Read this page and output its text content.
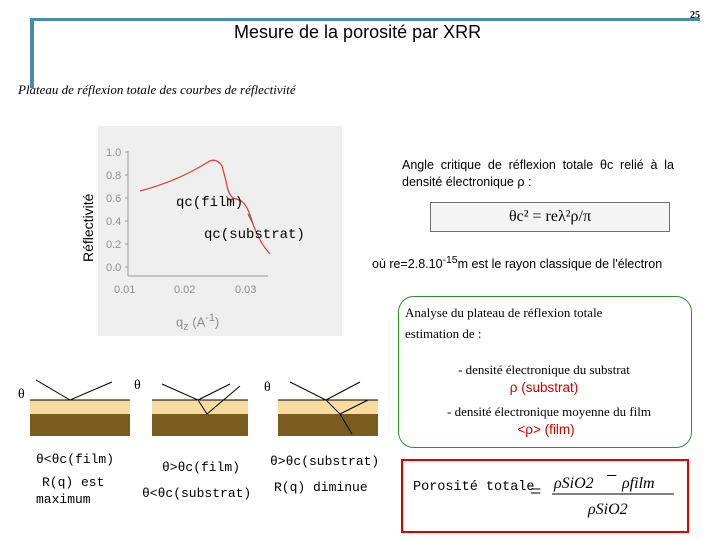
Mesure de la porosité par XRR
25
Plateau de réflexion totale des courbes de réflectivité
1.0
0.8
0.6
0.4
0.2
0.0
0.01	0.02	0.03
Réflectivité
$q_z$ $(A^{-1})$
qc(film)
qc(substrat)
Angle critique de réflexion totale θc relié à la densité électronique ρ :
θc² = reλ²ρ/π
où $re=2.8.10^{-15}m$ est le rayon classique de l'électron
Analyse du plateau de réflexion totale
estimation de :
- densité électronique du substrat
ρ (substrat)
- densité électronique moyenne du film
<ρ> (film)
θ
θ	θ
θ<θc(film)
R(q) est
maximum
θ>θc(film)
θ<θc(substrat)
θ>θc(substrat)
R(q) diminue	Porosité totale
= ρSiO2 − ρfilm
ρSiO2
